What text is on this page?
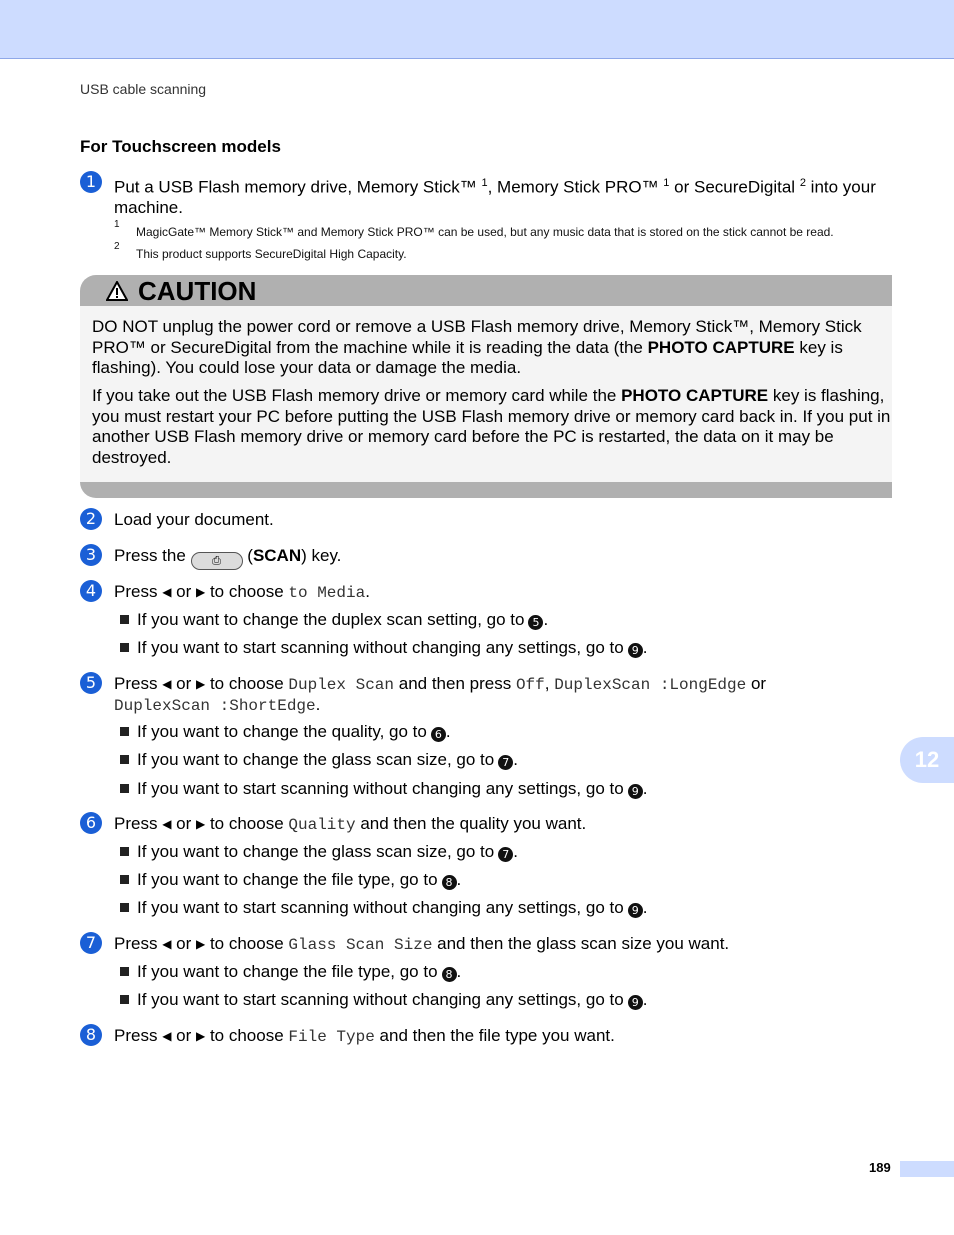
USB cable scanning
For Touchscreen models
1	Put a USB Flash memory drive, Memory Stick™ $^1$, Memory Stick PRO™ $^1$ or SecureDigital $^2$ into your machine.
1
MagicGate™ Memory Stick™ and Memory Stick PRO™ can be used, but any music data that is stored on the stick cannot be read.
2
This product supports SecureDigital High Capacity.
CAUTION
DO NOT unplug the power cord or remove a USB Flash memory drive, Memory Stick™, Memory Stick PRO™ or SecureDigital from the machine while it is reading the data (the PHOTO CAPTURE key is flashing). You could lose your data or damage the media.
If you take out the USB Flash memory drive or memory card while the PHOTO CAPTURE key is flashing, you must restart your PC before putting the USB Flash memory drive or memory card back in. If you put in another USB Flash memory drive or memory card before the PC is restarted, the data on it may be destroyed.
2	Load your document.
3	Press the ⎙ (SCAN) key.
4	Press ◀ or ▶ to choose to Media.
If you want to change the duplex scan setting, go to 5 .
If you want to start scanning without changing any settings, go to 9 .
5	Press ◀ or ▶ to choose Duplex Scan and then press Off, DuplexScan :LongEdge or
DuplexScan :ShortEdge.
If you want to change the quality, go to 6 .
If you want to change the glass scan size, go to 7 .
If you want to start scanning without changing any settings, go to 9 .
6	Press ◀ or ▶ to choose Quality and then the quality you want.
If you want to change the glass scan size, go to 7 .
If you want to change the file type, go to 8 .
If you want to start scanning without changing any settings, go to 9 .
7	Press ◀ or ▶ to choose Glass Scan Size and then the glass scan size you want.
If you want to change the file type, go to 8 .
If you want to start scanning without changing any settings, go to 9 .
8	Press ◀ or ▶ to choose File Type and then the file type you want.
12
189
